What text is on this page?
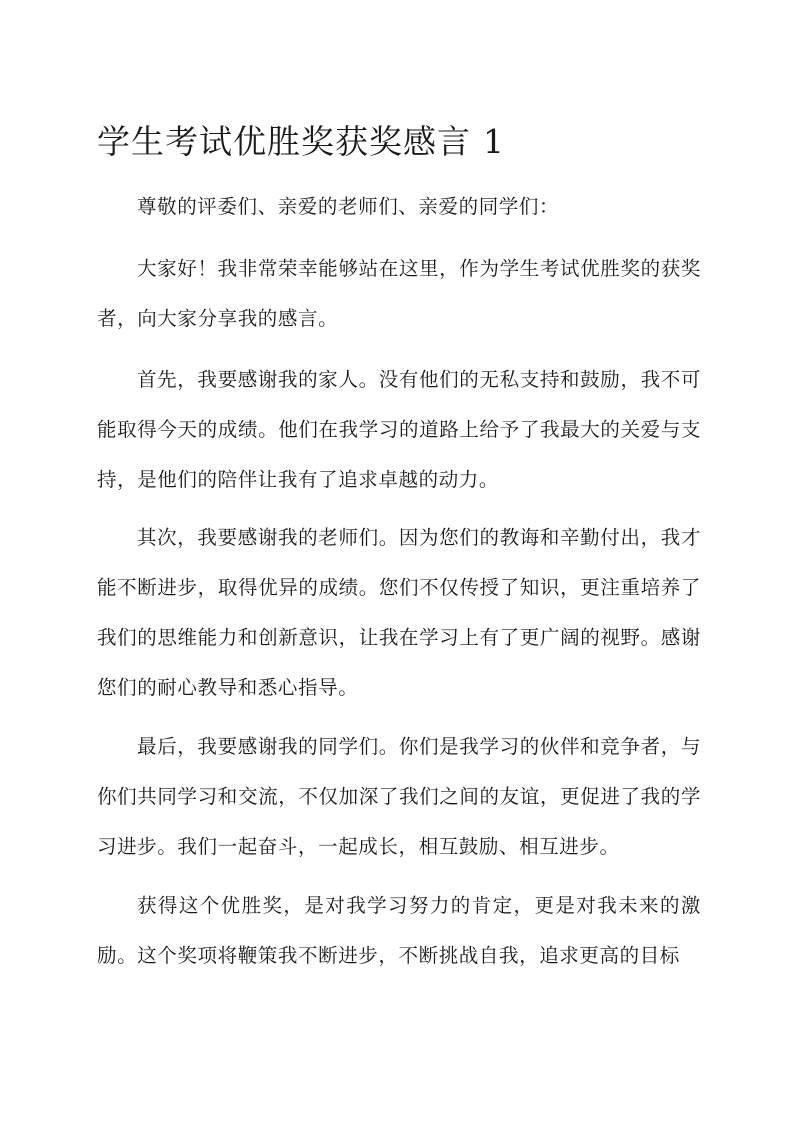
学生考试优胜奖获奖感言 1

尊敬的评委们、亲爱的老师们、亲爱的同学们：

大家好！我非常荣幸能够站在这里，作为学生考试优胜奖的获奖者，向大家分享我的感言。

首先，我要感谢我的家人。没有他们的无私支持和鼓励，我不可能取得今天的成绩。他们在我学习的道路上给予了我最大的关爱与支持，是他们的陪伴让我有了追求卓越的动力。

其次，我要感谢我的老师们。因为您们的教诲和辛勤付出，我才能不断进步，取得优异的成绩。您们不仅传授了知识，更注重培养了我们的思维能力和创新意识，让我在学习上有了更广阔的视野。感谢您们的耐心教导和悉心指导。

最后，我要感谢我的同学们。你们是我学习的伙伴和竞争者，与你们共同学习和交流，不仅加深了我们之间的友谊，更促进了我的学习进步。我们一起奋斗，一起成长，相互鼓励、相互进步。

获得这个优胜奖，是对我学习努力的肯定，更是对我未来的激励。这个奖项将鞭策我不断进步，不断挑战自我，追求更高的目标
